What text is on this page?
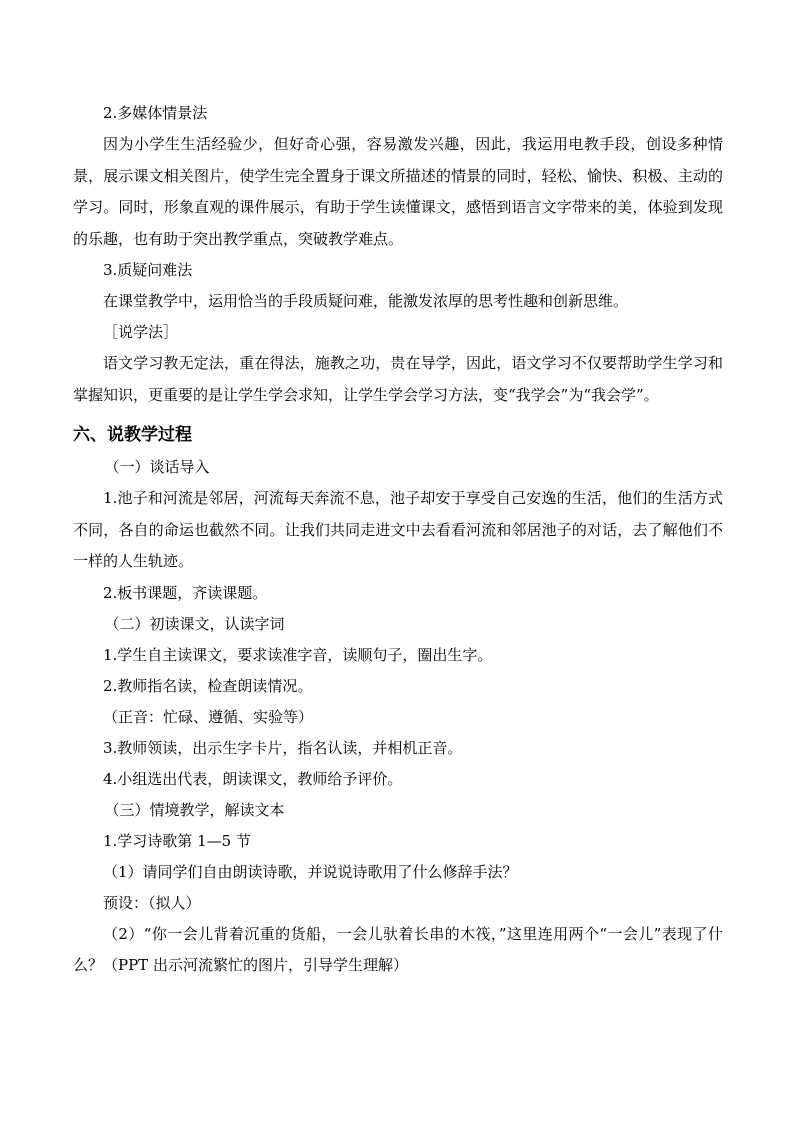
2.多媒体情景法

因为小学生生活经验少，但好奇心强，容易激发兴趣，因此，我运用电教手段，创设多种情景，展示课文相关图片，使学生完全置身于课文所描述的情景的同时，轻松、愉快、积极、主动的学习。同时，形象直观的课件展示，有助于学生读懂课文，感悟到语言文字带来的美，体验到发现的乐趣，也有助于突出教学重点，突破教学难点。

3.质疑问难法

在课堂教学中，运用恰当的手段质疑问难，能激发浓厚的思考性趣和创新思维。

［说学法］

语文学习教无定法，重在得法，施教之功，贵在导学，因此，语文学习不仅要帮助学生学习和掌握知识，更重要的是让学生学会求知，让学生学会学习方法，变“我学会”为“我会学”。

六、说教学过程

（一）谈话导入

1.池子和河流是邻居，河流每天奔流不息，池子却安于享受自己安逸的生活，他们的生活方式不同，各自的命运也截然不同。让我们共同走进文中去看看河流和邻居池子的对话，去了解他们不一样的人生轨迹。

2.板书课题，齐读课题。

（二）初读课文，认读字词

1.学生自主读课文，要求读准字音，读顺句子，圈出生字。

2.教师指名读，检查朗读情况。

（正音：忙碌、遵循、实验等）

3.教师领读，出示生字卡片，指名认读，并相机正音。

4.小组选出代表，朗读课文，教师给予评价。

（三）情境教学，解读文本

1.学习诗歌第 1—5 节

（1）请同学们自由朗读诗歌，并说说诗歌用了什么修辞手法？

预设：（拟人）

（2）“你一会儿背着沉重的货船，一会儿驮着长串的木筏，”这里连用两个“一会儿”表现了什么？（PPT 出示河流繁忙的图片，引导学生理解）
